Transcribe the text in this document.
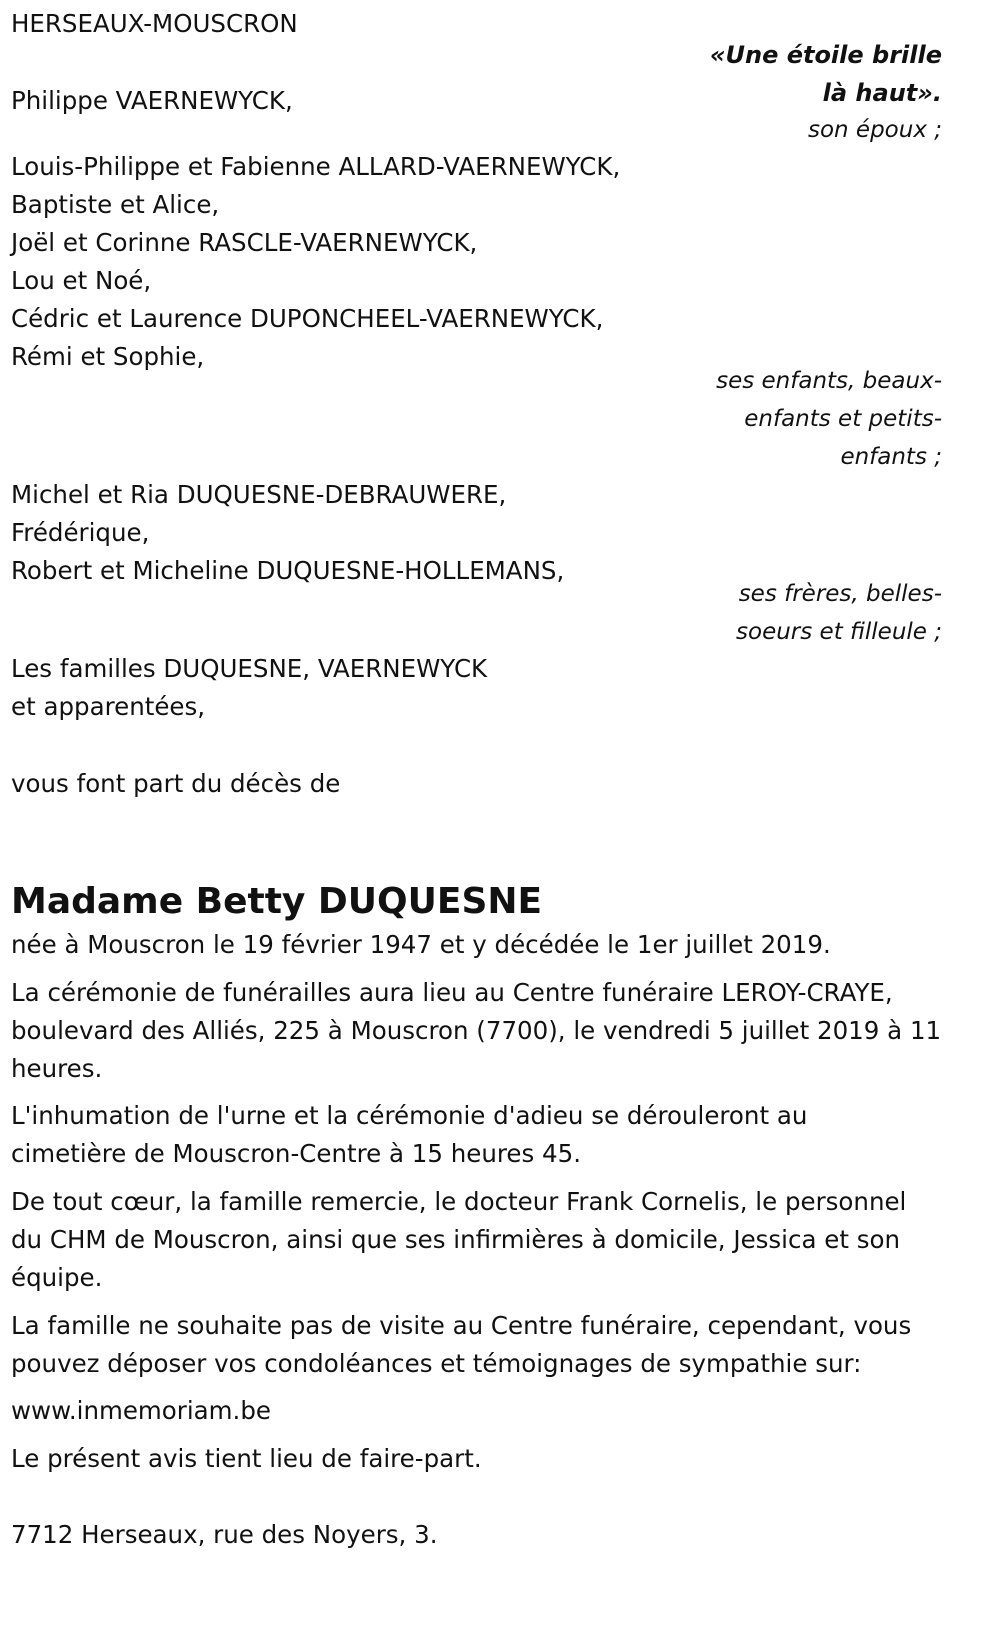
HERSEAUX-MOUSCRON

«Une étoile brille

là haut».

Philippe VAERNEWYCK,

son époux ;

Louis-Philippe et Fabienne ALLARD-VAERNEWYCK,

Baptiste et Alice,

Joël et Corinne RASCLE-VAERNEWYCK,

Lou et Noé,

Cédric et Laurence DUPONCHEEL-VAERNEWYCK,

Rémi et Sophie,

ses enfants, beaux-

enfants et petits-

enfants ;

Michel et Ria DUQUESNE-DEBRAUWERE,

Frédérique,

Robert et Micheline DUQUESNE-HOLLEMANS,

ses frères, belles-

soeurs et filleule ;

Les familles DUQUESNE, VAERNEWYCK

et apparentées,

vous font part du décès de

Madame Betty DUQUESNE

née à Mouscron le 19 février 1947 et y décédée le 1er juillet 2019.

La cérémonie de funérailles aura lieu au Centre funéraire LEROY-CRAYE,

boulevard des Alliés, 225 à Mouscron (7700), le vendredi 5 juillet 2019 à 11

heures.

L'inhumation de l'urne et la cérémonie d'adieu se dérouleront au

cimetière de Mouscron-Centre à 15 heures 45.

De tout cœur, la famille remercie, le docteur Frank Cornelis, le personnel

du CHM de Mouscron, ainsi que ses infirmières à domicile, Jessica et son

équipe.

La famille ne souhaite pas de visite au Centre funéraire, cependant, vous

pouvez déposer vos condoléances et témoignages de sympathie sur:

www.inmemoriam.be

Le présent avis tient lieu de faire-part.

7712 Herseaux, rue des Noyers, 3.
